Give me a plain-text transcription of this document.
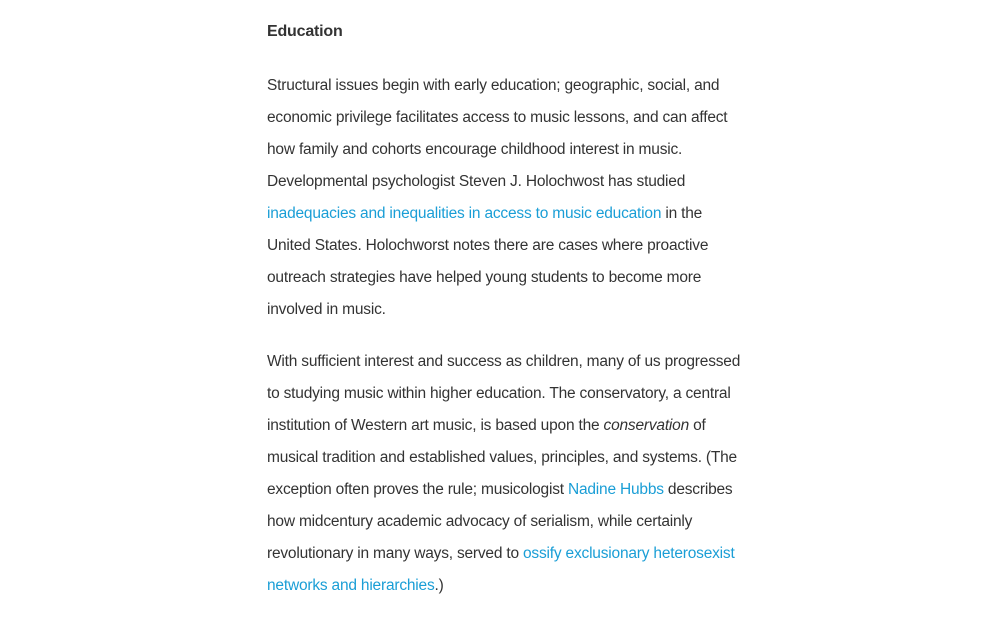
Education

Structural issues begin with early education; geographic, social, and economic privilege facilitates access to music lessons, and can affect how family and cohorts encourage childhood interest in music. Developmental psychologist Steven J. Holochwost has studied inadequacies and inequalities in access to music education in the United States. Holochworst notes there are cases where proactive outreach strategies have helped young students to become more involved in music.

With sufficient interest and success as children, many of us progressed to studying music within higher education. The conservatory, a central institution of Western art music, is based upon the conservation of musical tradition and established values, principles, and systems. (The exception often proves the rule; musicologist Nadine Hubbs describes how midcentury academic advocacy of serialism, while certainly revolutionary in many ways, served to ossify exclusionary heterosexist networks and hierarchies.)
